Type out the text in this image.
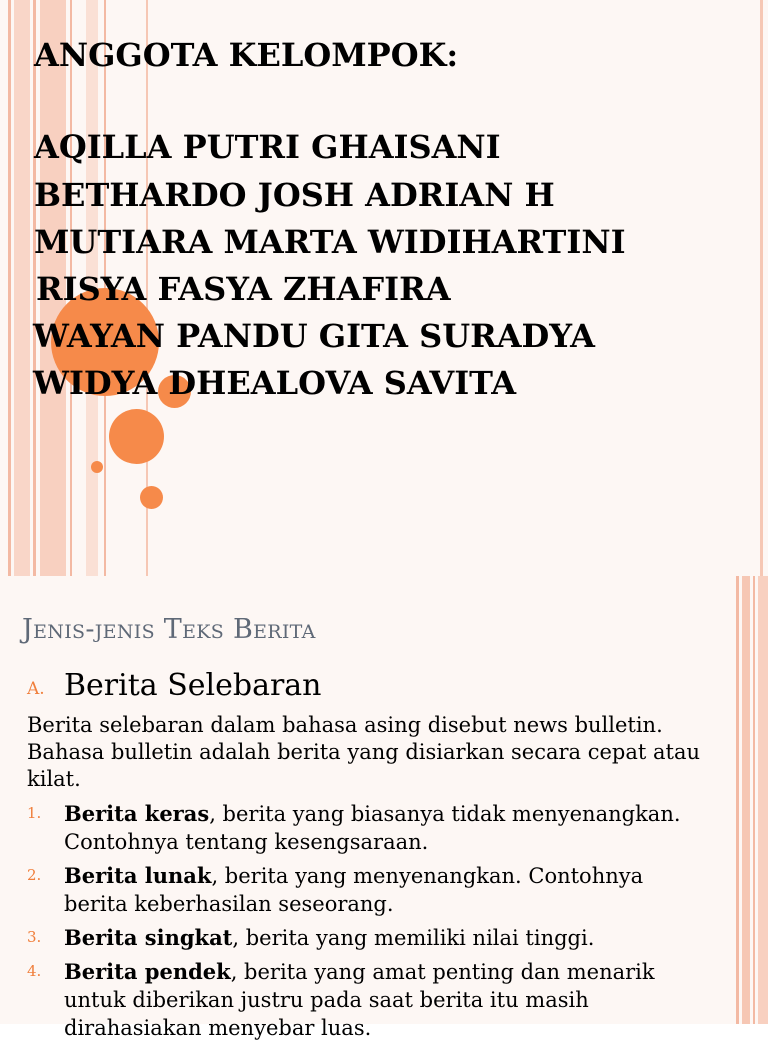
ANGGOTA KELOMPOK:
AQILLA PUTRI GHAISANI
BETHARDO JOSH ADRIAN H
MUTIARA MARTA WIDIHARTINI
RISYA FASYA ZHAFIRA
WAYAN PANDU GITA SURADYA
WIDYA DHEALOVA SAVITA
Jenis-jenis Teks Berita
A. Berita Selebaran

Berita selebaran dalam bahasa asing disebut news bulletin. Bahasa bulletin adalah berita yang disiarkan secara cepat atau kilat.

1. Berita keras, berita yang biasanya tidak menyenangkan. Contohnya tentang kesengsaraan.

2. Berita lunak, berita yang menyenangkan. Contohnya berita keberhasilan seseorang.

3. Berita singkat, berita yang memiliki nilai tinggi.

4. Berita pendek, berita yang amat penting dan menarik untuk diberikan justru pada saat berita itu masih dirahasiakan menyebar luas.
